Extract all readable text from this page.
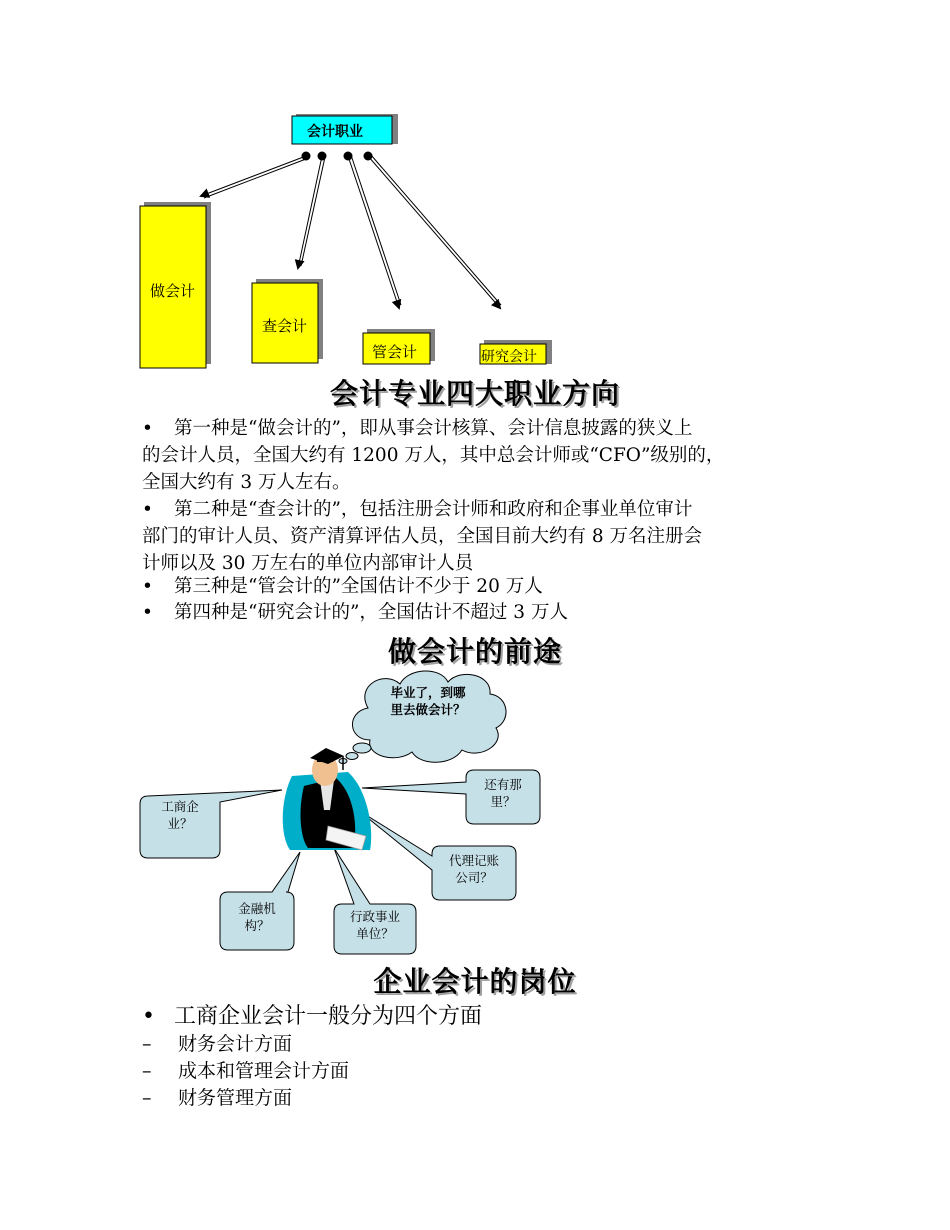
会计职业
做会计
查会计
管会计	研究会计
会计专业四大职业方向
• 第一种是“做会计的”，即从事会计核算、会计信息披露的狭义上
的会计人员，全国大约有 1200 万人，其中总会计师或“CFO”级别的，
全国大约有 3 万人左右。
• 第二种是“查会计的”，包括注册会计师和政府和企事业单位审计
部门的审计人员、资产清算评估人员，全国目前大约有 8 万名注册会
计师以及 30 万左右的单位内部审计人员
• 第三种是“管会计的”全国估计不少于 20 万人
• 第四种是“研究会计的”，全国估计不超过 3 万人
做会计的前途
毕业了，到哪
里去做会计？
工商企
业？
还有那
里？
代理记账
公司？
金融机
构？
行政事业
单位？
企业会计的岗位
• 工商企业会计一般分为四个方面
– 财务会计方面
– 成本和管理会计方面
– 财务管理方面
